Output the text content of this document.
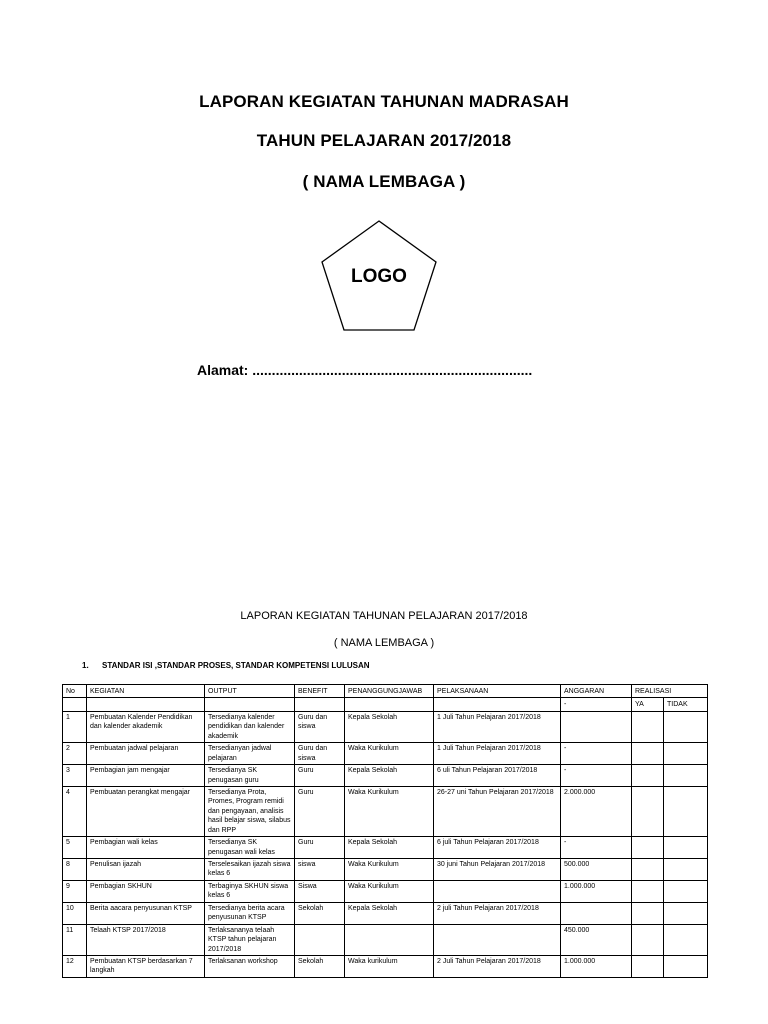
LAPORAN KEGIATAN TAHUNAN MADRASAH
TAHUN PELAJARAN 2017/2018
( NAMA LEMBAGA )
LOGO
Alamat: ........................................................................
LAPORAN KEGIATAN TAHUNAN PELAJARAN 2017/2018
( NAMA LEMBAGA )
1. STANDAR ISI ,STANDAR PROSES, STANDAR KOMPETENSI LULUSAN
No	KEGIATAN	OUTPUT	BENEFIT	PENANGGUNGJAWAB	PELAKSANAAN	ANGGARAN	REALISASI	
						-	YA	TIDAK
1	Pembuatan Kalender Pendidikan dan kalender akademik	Tersedianya kalender pendidikan dan kalender akademik	Guru dan siswa	Kepala Sekolah	1 Juli Tahun Pelajaran 2017/2018			
2	Pembuatan jadwal pelajaran	Tersedianyan jadwal pelajaran	Guru dan siswa	Waka Kurikulum	1 Juli Tahun Pelajaran 2017/2018	-		
3	Pembagian jam mengajar	Tersedianya SK penugasan guru	Guru	Kepala Sekolah	6 uli Tahun Pelajaran 2017/2018	-		
4	Pembuatan perangkat mengajar	Tersedianya Prota, Promes, Program remidi dan pengayaan, analisis hasil belajar siswa, silabus dan RPP	Guru	Waka Kurikulum	26-27 uni Tahun Pelajaran 2017/2018	2.000.000		
5	Pembagian wali kelas	Tersedianya SK penugasan wali kelas	Guru	Kepala Sekolah	6 juli Tahun Pelajaran 2017/2018	-		
8	Penulisan ijazah	Terselesaikan ijazah siswa kelas 6	siswa	Waka Kurikulum	30 juni Tahun Pelajaran 2017/2018	500.000		
9	Pembagian SKHUN	Terbaginya SKHUN siswa kelas 6	Siswa	Waka Kurikulum		1.000.000		
10	Berita aacara penyusunan KTSP	Tersedianya berita acara penyusunan KTSP	Sekolah	Kepala Sekolah	2 juli Tahun Pelajaran 2017/2018			
11	Telaah KTSP 2017/2018	Terlaksananya telaah KTSP tahun pelajaran 2017/2018				450.000		
12	Pembuatan KTSP berdasarkan 7 langkah	Terlaksanan workshop	Sekolah	Waka kurikulum	2 Juli Tahun Pelajaran 2017/2018	1.000.000		
